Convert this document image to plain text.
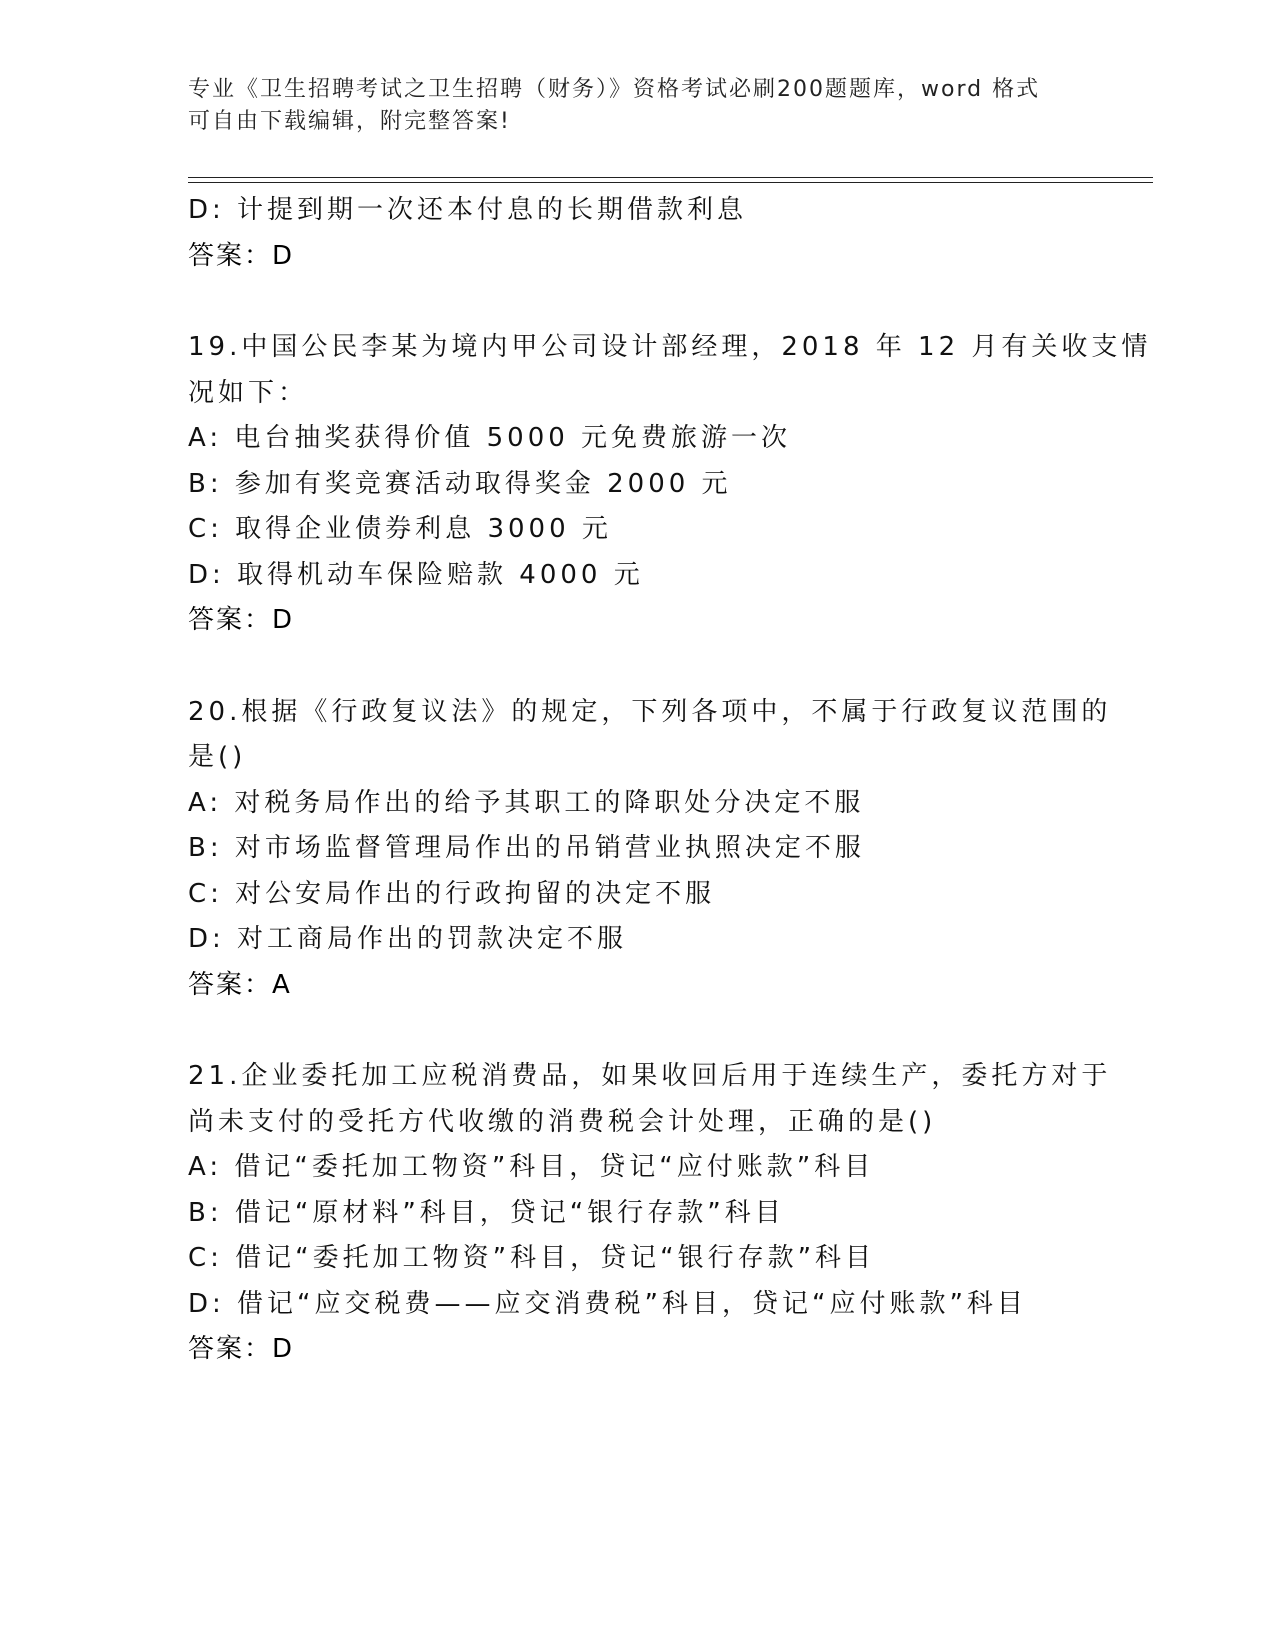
专业《卫生招聘考试之卫生招聘（财务）》资格考试必刷200题题库，word 格式
可自由下载编辑，附完整答案!
D: 计提到期一次还本付息的长期借款利息
答案：D
19.中国公民李某为境内甲公司设计部经理，2018 年 12 月有关收支情
况如下：
A: 电台抽奖获得价值 5000 元免费旅游一次
B: 参加有奖竞赛活动取得奖金 2000 元
C: 取得企业债券利息 3000 元
D: 取得机动车保险赔款 4000 元
答案：D
20.根据《行政复议法》的规定，下列各项中，不属于行政复议范围的
是()
A: 对税务局作出的给予其职工的降职处分决定不服
B: 对市场监督管理局作出的吊销营业执照决定不服
C: 对公安局作出的行政拘留的决定不服
D: 对工商局作出的罚款决定不服
答案：A
21.企业委托加工应税消费品，如果收回后用于连续生产，委托方对于
尚未支付的受托方代收缴的消费税会计处理，正确的是()
A: 借记“委托加工物资”科目，贷记“应付账款”科目
B: 借记“原材料”科目，贷记“银行存款”科目
C: 借记“委托加工物资”科目，贷记“银行存款”科目
D: 借记“应交税费——应交消费税”科目，贷记“应付账款”科目
答案：D
